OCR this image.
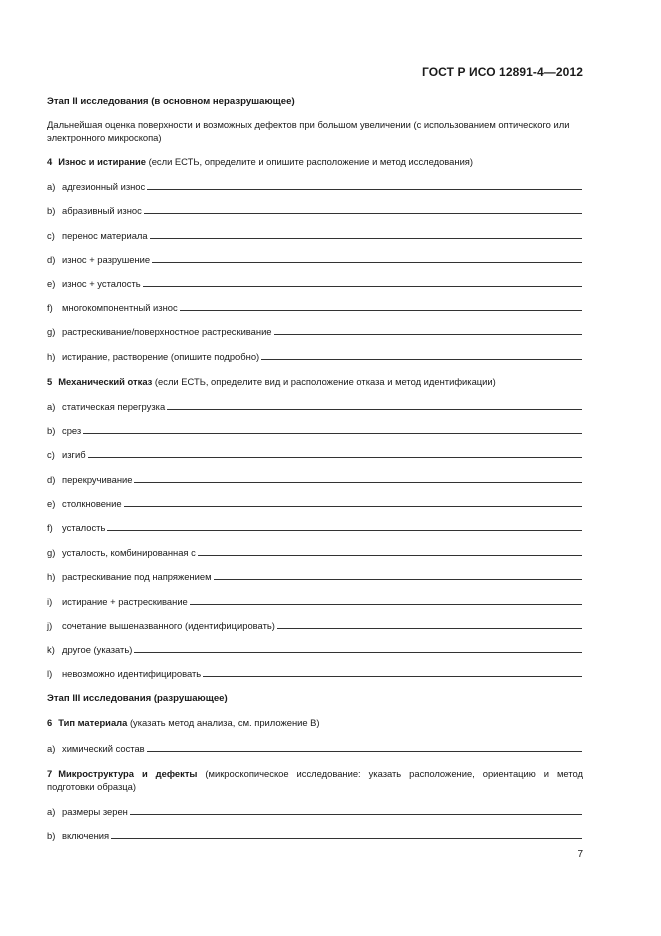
ГОСТ Р ИСО 12891-4—2012
Этап II исследования (в основном неразрушающее)
Дальнейшая оценка поверхности и возможных дефектов при большом увеличении (с использованием оптического или электронного микроскопа)
4 Износ и истирание (если ЕСТЬ, определите и опишите расположение и метод исследования)
a) адгезионный износ
b) абразивный износ
c) перенос материала
d) износ + разрушение
e) износ + усталость
f) многокомпонентный износ
g) растрескивание/поверхностное растрескивание
h) истирание, растворение (опишите подробно)
5 Механический отказ (если ЕСТЬ, определите вид и расположение отказа и метод идентификации)
a) статическая перегрузка
b) срез
c) изгиб
d) перекручивание
e) столкновение
f) усталость
g) усталость, комбинированная с
h) растрескивание под напряжением
i)	истирание + растрескивание
j)	сочетание вышеназванного (идентифицировать)
k) другое (указать)
l)	невозможно идентифицировать
Этап III исследования (разрушающее)
6 Тип материала (указать метод анализа, см. приложение В)
a) химический состав
7 Микроструктура и дефекты (микроскопическое исследование: указать расположение, ориентацию и метод подготовки образца)
a) размеры зерен
b) включения
7
